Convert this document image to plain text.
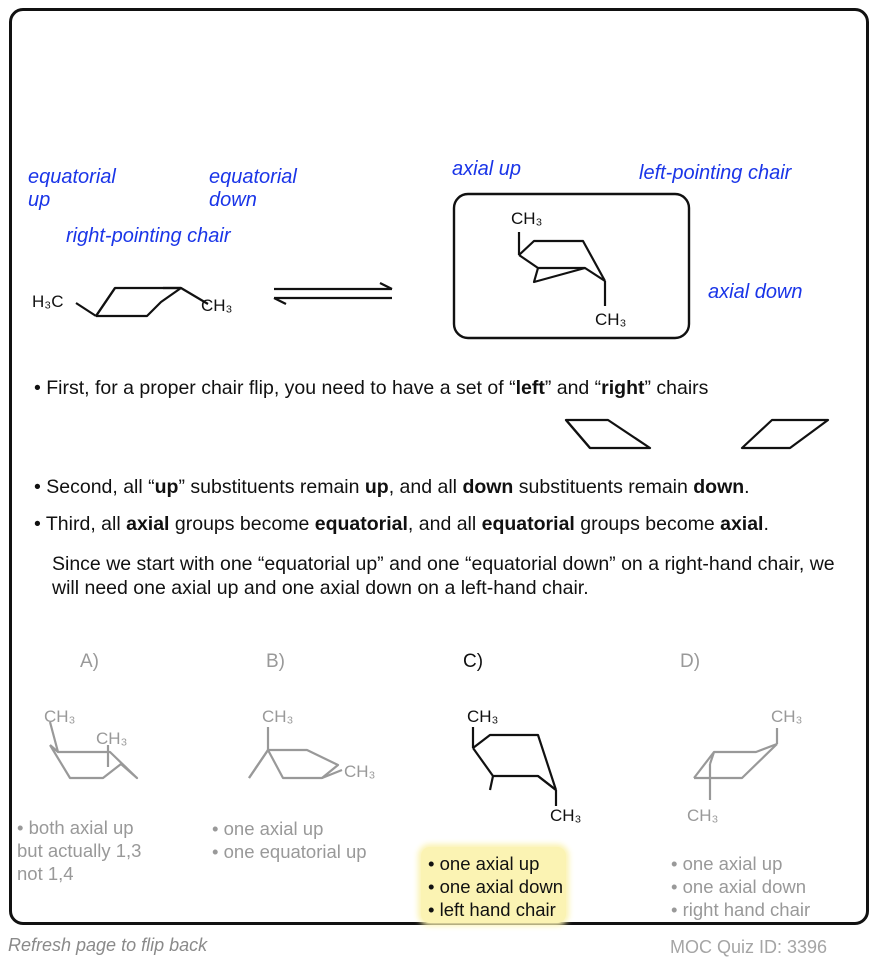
equatorial
up
equatorial
down
right-pointing chair
axial up	left-pointing chair
axial down
H₃C	CH₃
CH₃
CH₃
• First, for a proper chair flip, you need to have a set of “left” and “right” chairs
• Second, all “up” substituents remain up, and all down substituents remain down.
• Third, all axial groups become equatorial, and all equatorial groups become axial.
Since we start with one “equatorial up” and one “equatorial down” on a right-hand chair, we will need one axial up and one axial down on a left-hand chair.
A)	B)	C)	D)
CH₃
CH₃
CH₃
CH₃
CH₃
CH₃
CH₃
CH₃
• both axial up
but actually 1,3
not 1,4
• one axial up
• one equatorial up
• one axial up
• one axial down
• left hand chair
• one axial up
• one axial down
• right hand chair
Refresh page to flip back	MOC Quiz ID: 3396
